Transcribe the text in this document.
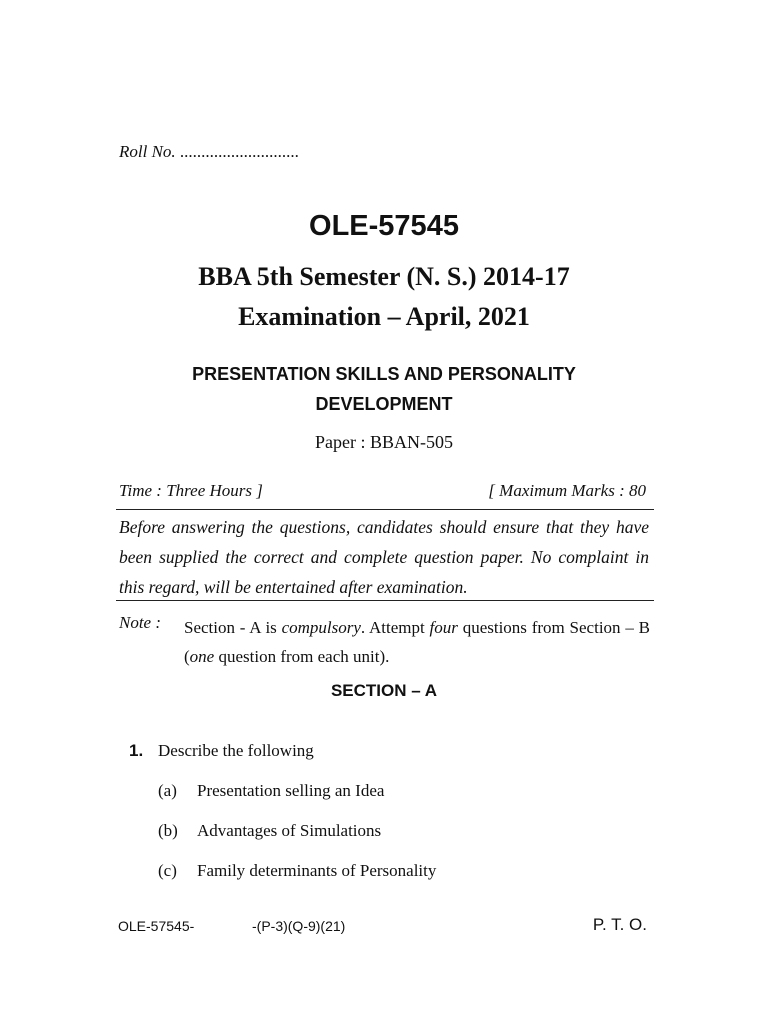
Roll No. ............................
OLE-57545
BBA 5th Semester (N. S.) 2014-17
Examination – April, 2021
PRESENTATION SKILLS AND PERSONALITY
DEVELOPMENT
Paper : BBAN-505
Time : Three Hours ]	[ Maximum Marks : 80
Before answering the questions, candidates should ensure that they have been supplied the correct and complete question paper. No complaint in this regard, will be entertained after examination.
Note : Section - A is compulsory. Attempt four questions from Section – B (one question from each unit).
SECTION – A
1. Describe the following
(a) Presentation selling an Idea
(b) Advantages of Simulations
(c) Family determinants of Personality
OLE-57545-	-(P-3)(Q-9)(21)	P. T. O.
